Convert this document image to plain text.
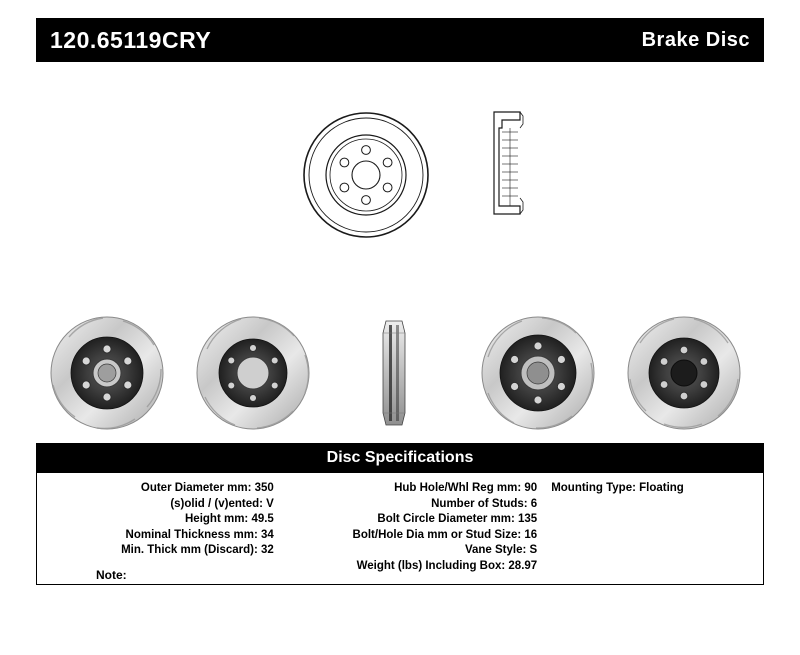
120.65119CRY	Brake Disc
Disc Specifications
Outer Diameter mm: 350
(s)olid / (v)ented: V
Height mm: 49.5
Nominal Thickness mm: 34
Min. Thick mm (Discard): 32
Hub Hole/Whl Reg mm: 90
Number of Studs: 6
Bolt Circle Diameter mm: 135
Bolt/Hole Dia mm or Stud Size: 16
Vane Style: S
Weight (lbs) Including Box: 28.97
Mounting Type: Floating
Note:
